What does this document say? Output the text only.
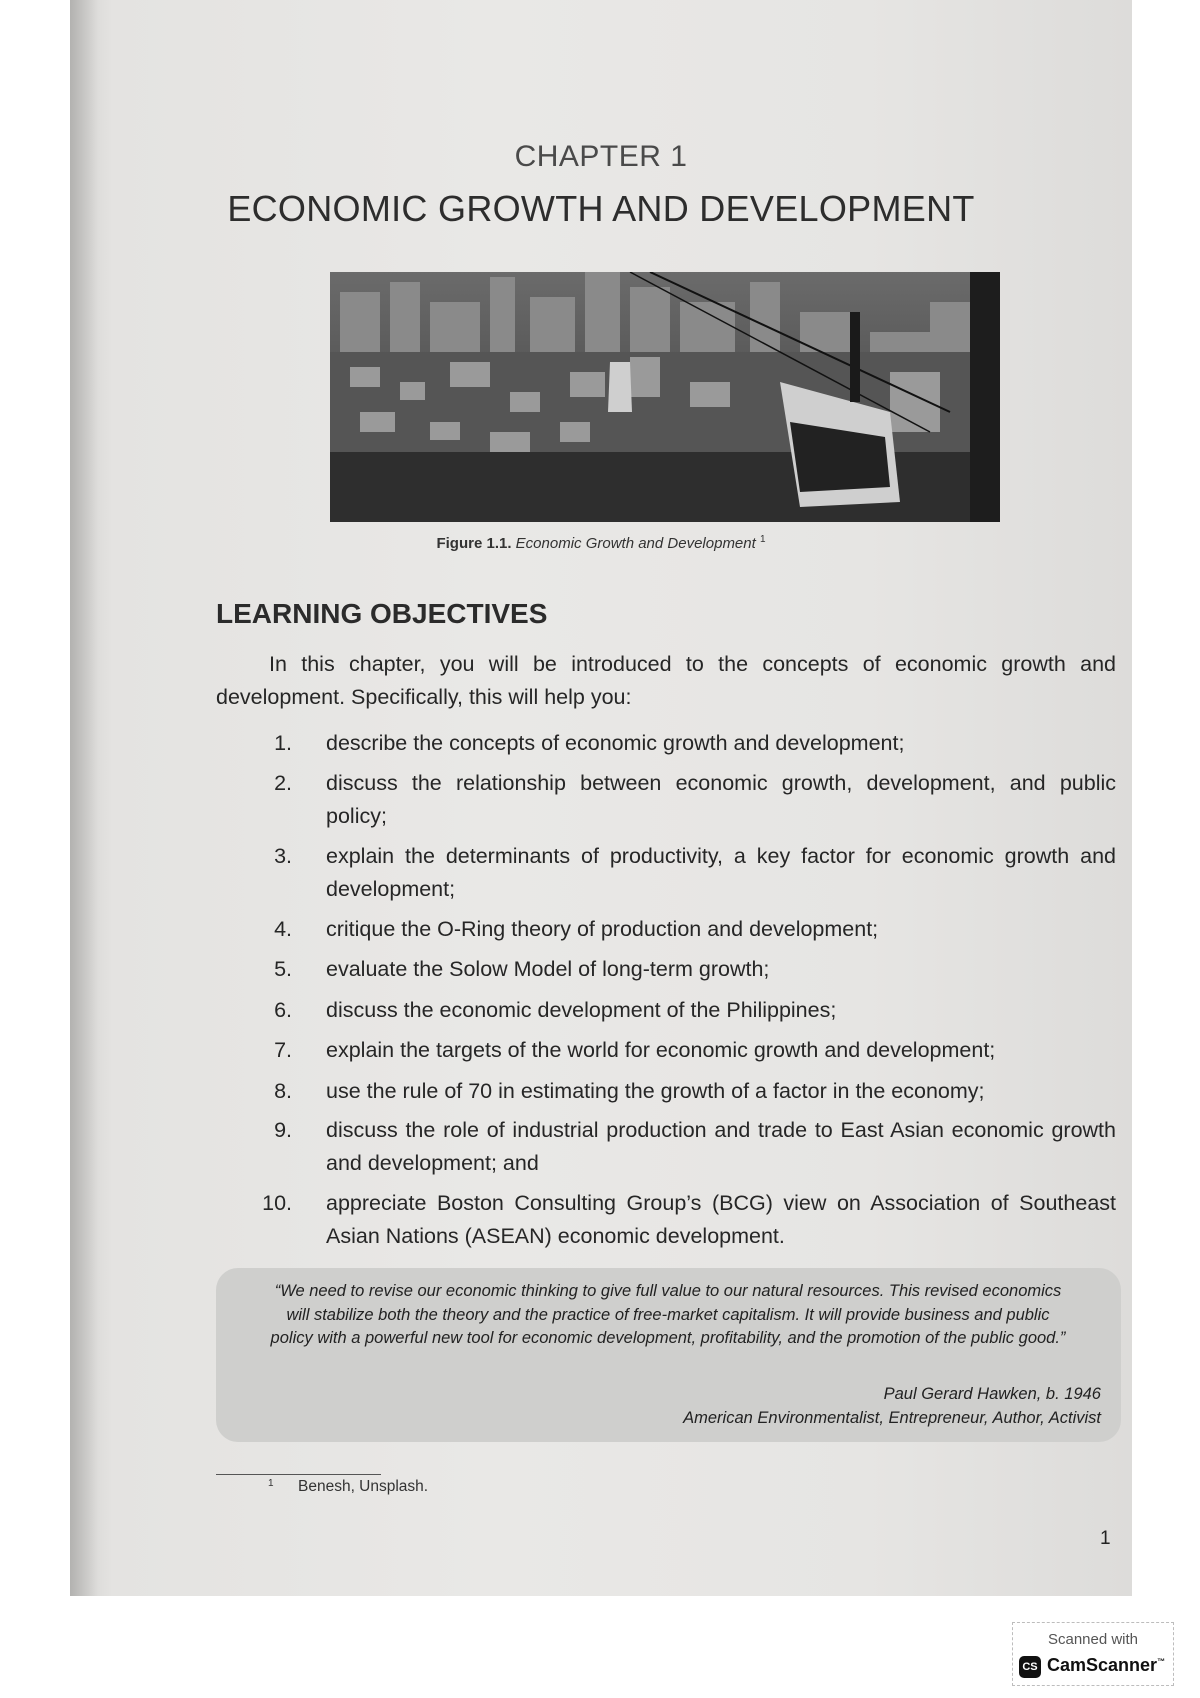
CHAPTER 1
ECONOMIC GROWTH AND DEVELOPMENT
Figure 1.1. Economic Growth and Development $^1$
LEARNING OBJECTIVES
In this chapter, you will be introduced to the concepts of economic growth and development. Specifically, this will help you:
1. describe the concepts of economic growth and development;
2. discuss the relationship between economic growth, development, and public policy;
3. explain the determinants of productivity, a key factor for economic growth and development;
4. critique the O-Ring theory of production and development;
5. evaluate the Solow Model of long-term growth;
6. discuss the economic development of the Philippines;
7. explain the targets of the world for economic growth and development;
8. use the rule of 70 in estimating the growth of a factor in the economy;
9. discuss the role of industrial production and trade to East Asian economic growth and development; and
10. appreciate Boston Consulting Group’s (BCG) view on Association of Southeast Asian Nations (ASEAN) economic development.
“We need to revise our economic thinking to give full value to our natural resources. This revised economics will stabilize both the theory and the practice of free-market capitalism. It will provide business and public policy with a powerful new tool for economic development, profitability, and the promotion of the public good.”
Paul Gerard Hawken, b. 1946
American Environmentalist, Entrepreneur, Author, Activist
1 Benesh, Unsplash.
1
Scanned with
CS CamScanner™
